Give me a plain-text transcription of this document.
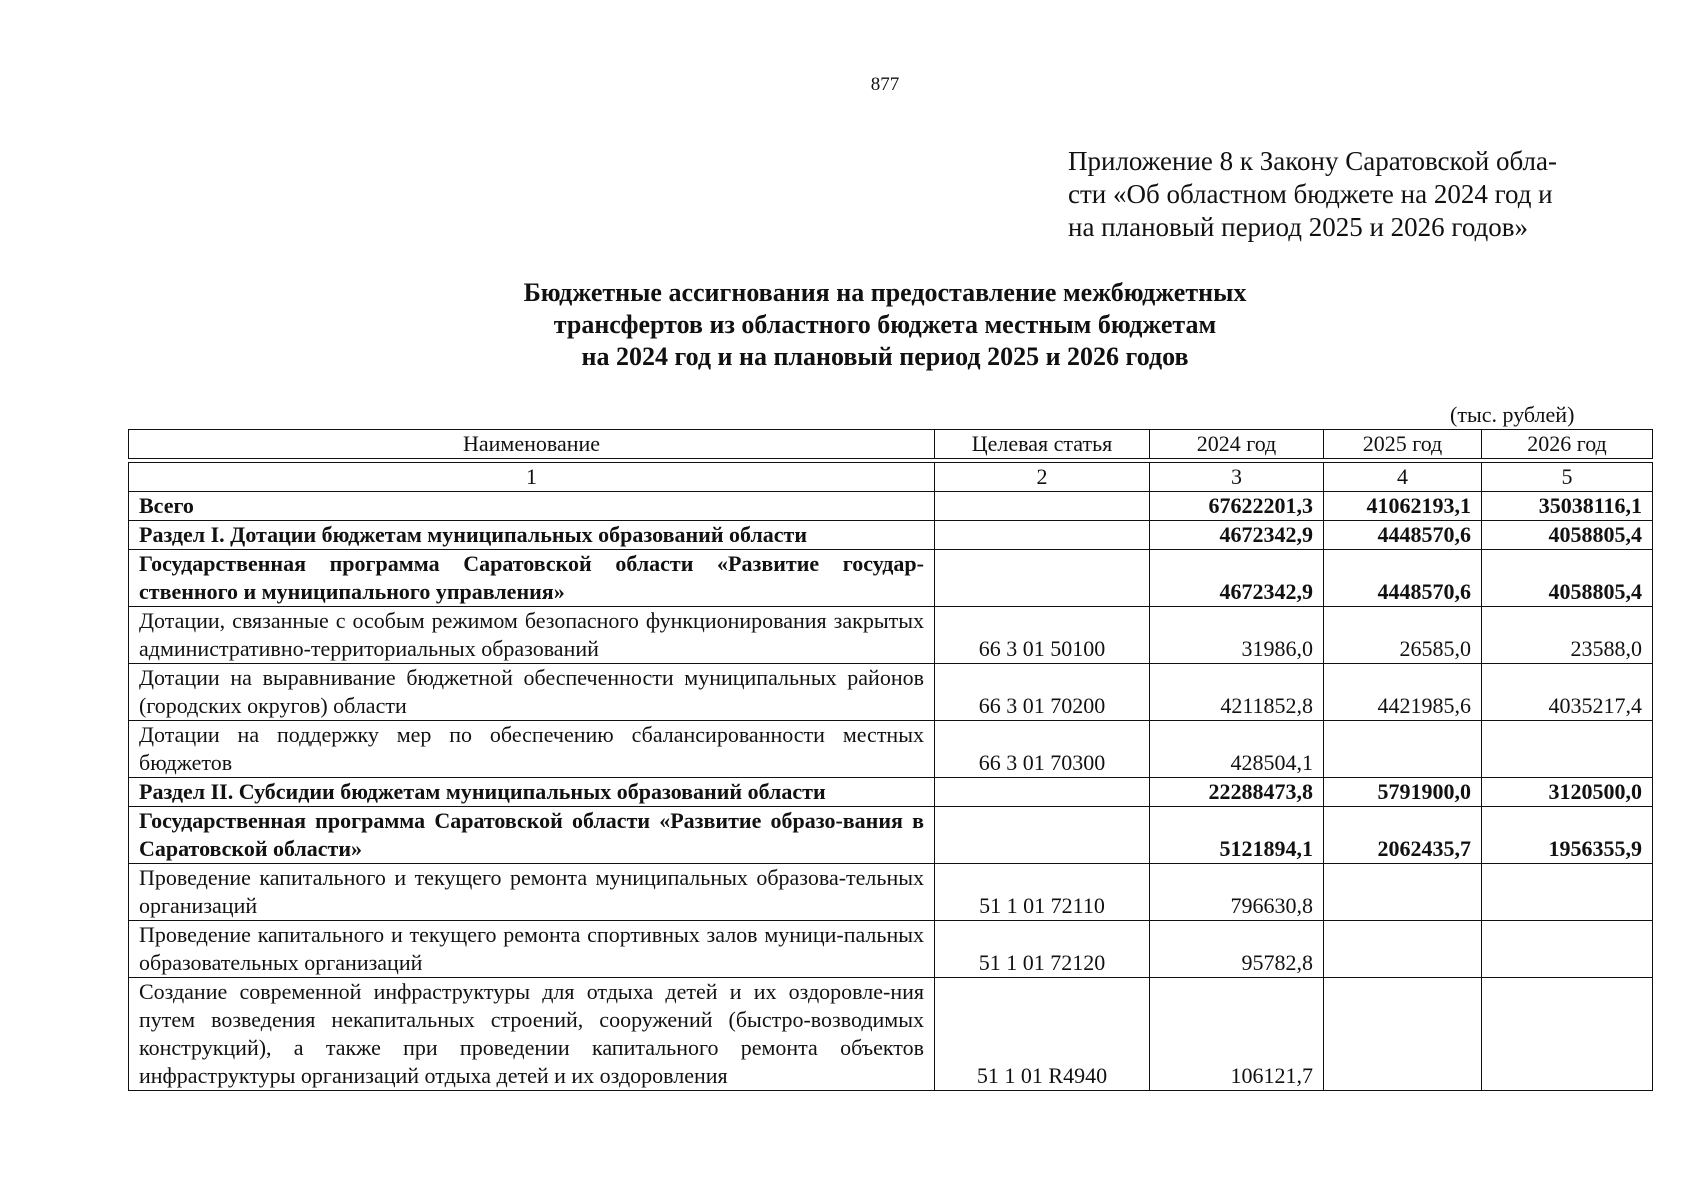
877
Приложение 8 к Закону Саратовской обла-
сти «Об областном бюджете на 2024 год и
на плановый период 2025 и 2026 годов»
Бюджетные ассигнования на предоставление межбюджетных
трансфертов из областного бюджета местным бюджетам
на 2024 год и на плановый период 2025 и 2026 годов
(тыс. рублей)
Наименование	Целевая статья	2024 год	2025 год	2026 год

1	2	3	4	5
Всего		67622201,3	41062193,1	35038116,1
Раздел I. Дотации бюджетам муниципальных образований области		4672342,9	4448570,6	4058805,4
Государственная программа Саратовской области «Развитие государ-ственного и муниципального управления»		4672342,9	4448570,6	4058805,4
Дотации, связанные с особым режимом безопасного функционирования закрытых административно-территориальных образований	66 3 01 50100	31986,0	26585,0	23588,0
Дотации на выравнивание бюджетной обеспеченности муниципальных районов (городских округов) области	66 3 01 70200	4211852,8	4421985,6	4035217,4
Дотации на поддержку мер по обеспечению сбалансированности местных бюджетов	66 3 01 70300	428504,1		
Раздел II. Субсидии бюджетам муниципальных образований области		22288473,8	5791900,0	3120500,0
Государственная программа Саратовской области «Развитие образо-вания в Саратовской области»		5121894,1	2062435,7	1956355,9
Проведение капитального и текущего ремонта муниципальных образова-тельных организаций	51 1 01 72110	796630,8		
Проведение капитального и текущего ремонта спортивных залов муници-пальных образовательных организаций	51 1 01 72120	95782,8		
Создание современной инфраструктуры для отдыха детей и их оздоровле-ния путем возведения некапитальных строений, сооружений (быстро-возводимых конструкций), а также при проведении капитального ремонта объектов инфраструктуры организаций отдыха детей и их оздоровления	51 1 01 R4940	106121,7		
